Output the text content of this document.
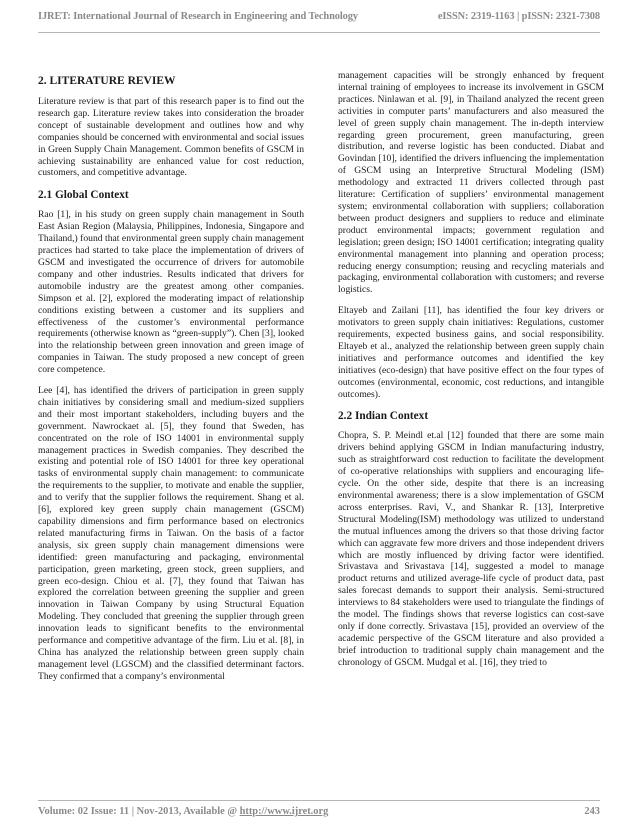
IJRET: International Journal of Research in Engineering and Technology	eISSN: 2319-1163 | pISSN: 2321-7308
2. LITERATURE REVIEW

Literature review is that part of this research paper is to find out the research gap. Literature review takes into consideration the broader concept of sustainable development and outlines how and why companies should be concerned with environmental and social issues in Green Supply Chain Management. Common benefits of GSCM in achieving sustainability are enhanced value for cost reduction, customers, and competitive advantage.

2.1 Global Context

Rao [1], in his study on green supply chain management in South East Asian Region (Malaysia, Philippines, Indonesia, Singapore and Thailand,) found that environmental green supply chain management practices had started to take place the implementation of drivers of GSCM and investigated the occurrence of drivers for automobile company and other industries. Results indicated that drivers for automobile industry are the greatest among other companies. Simpson et al. [2], explored the moderating impact of relationship conditions existing between a customer and its suppliers and effectiveness of the customer’s environmental performance requirements (otherwise known as “green-supply”). Chen [3], looked into the relationship between green innovation and green image of companies in Taiwan. The study proposed a new concept of green core competence.

Lee [4], has identified the drivers of participation in green supply chain initiatives by considering small and medium-sized suppliers and their most important stakeholders, including buyers and the government. Nawrockaet al. [5], they found that Sweden, has concentrated on the role of ISO 14001 in environmental supply management practices in Swedish companies. They described the existing and potential role of ISO 14001 for three key operational tasks of environmental supply chain management: to communicate the requirements to the supplier, to motivate and enable the supplier, and to verify that the supplier follows the requirement. Shang et al. [6], explored key green supply chain management (GSCM) capability dimensions and firm performance based on electronics related manufacturing firms in Taiwan. On the basis of a factor analysis, six green supply chain management dimensions were identified: green manufacturing and packaging, environmental participation, green marketing, green stock, green suppliers, and green eco-design. Chiou et al. [7], they found that Taiwan has explored the correlation between greening the supplier and green innovation in Taiwan Company by using Structural Equation Modeling. They concluded that greening the supplier through green innovation leads to significant benefits to the environmental performance and competitive advantage of the firm. Liu et al. [8], in China has analyzed the relationship between green supply chain management level (LGSCM) and the classified determinant factors. They confirmed that a company’s environmental

management capacities will be strongly enhanced by frequent internal training of employees to increase its involvement in GSCM practices. Ninlawan et al. [9], in Thailand analyzed the recent green activities in computer parts’ manufacturers and also measured the level of green supply chain management. The in-depth interview regarding green procurement, green manufacturing, green distribution, and reverse logistic has been conducted. Diabat and Govindan [10], identified the drivers influencing the implementation of GSCM using an Interpretive Structural Modeling (ISM) methodology and extracted 11 drivers collected through past literature: Certification of suppliers’ environmental management system; environmental collaboration with suppliers; collaboration between product designers and suppliers to reduce and eliminate product environmental impacts; government regulation and legislation; green design; ISO 14001 certification; integrating quality environmental management into planning and operation process; reducing energy consumption; reusing and recycling materials and packaging, environmental collaboration with customers; and reverse logistics.

Eltayeb and Zailani [11], has identified the four key drivers or motivators to green supply chain initiatives: Regulations, customer requirements, expected business gains, and social responsibility. Eltayeb et al., analyzed the relationship between green supply chain initiatives and performance outcomes and identified the key initiatives (eco-design) that have positive effect on the four types of outcomes (environmental, economic, cost reductions, and intangible outcomes).

2.2 Indian Context

Chopra, S. P. Meindl et.al [12] founded that there are some main drivers behind applying GSCM in Indian manufacturing industry, such as straightforward cost reduction to facilitate the development of co-operative relationships with suppliers and encouraging life-cycle. On the other side, despite that there is an increasing environmental awareness; there is a slow implementation of GSCM across enterprises. Ravi, V., and Shankar R. [13], Interpretive Structural Modeling(ISM) methodology was utilized to understand the mutual influences among the drivers so that those driving factor which can aggravate few more drivers and those independent drivers which are mostly influenced by driving factor were identified. Srivastava and Srivastava [14], suggested a model to manage product returns and utilized average-life cycle of product data, past sales forecast demands to support their analysis. Semi-structured interviews to 84 stakeholders were used to triangulate the findings of the model. The findings shows that reverse logistics can cost-save only if done correctly. Srivastava [15], provided an overview of the academic perspective of the GSCM literature and also provided a brief introduction to traditional supply chain management and the chronology of GSCM. Mudgal et al. [16], they tried to

Volume: 02 Issue: 11 | Nov-2013, Available @ http://www.ijret.org	243
